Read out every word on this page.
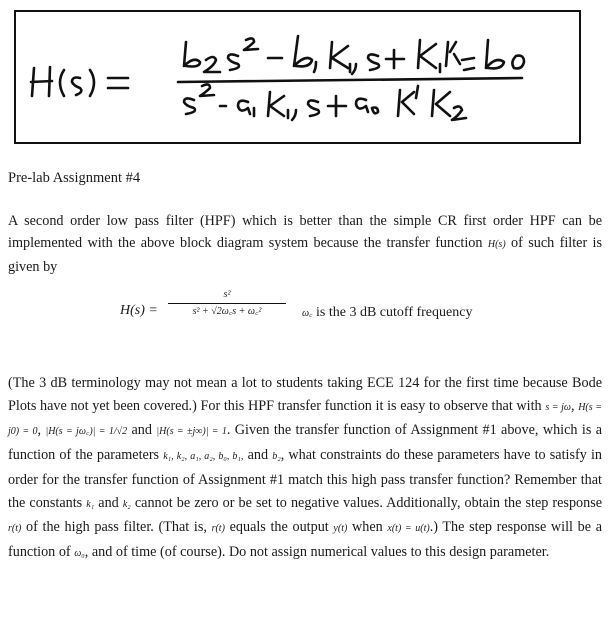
Pre-lab Assignment #4
A second order low pass filter (HPF) which is better than the simple CR first order HPF can be implemented with the above block diagram system because the transfer function H(s) of such filter is given by
H(s) =
s²
s² + √2ω꜀s + ω꜀²	ω꜀ is the 3 dB cutoff frequency
(The 3 dB terminology may not mean a lot to students taking ECE 124 for the first time because Bode Plots have not yet been covered.) For this HPF transfer function it is easy to observe that with s = jω, H(s = j0) = 0, |H(s = jω꜀)| = 1/√2 and |H(s = ±j∞)| = 1. Given the transfer function of Assignment #1 above, which is a function of the parameters k₁, k₂, a₁, a₂, b₀, b₁, and b₂, what constraints do these parameters have to satisfy in order for the transfer function of Assignment #1 match this high pass transfer function? Remember that the constants k₁ and k₂ cannot be zero or be set to negative values. Additionally, obtain the step response r(t) of the high pass filter. (That is, r(t) equals the output y(t) when x(t) = u(t).) The step response will be a function of ω₀, and of time (of course). Do not assign numerical values to this design parameter.
